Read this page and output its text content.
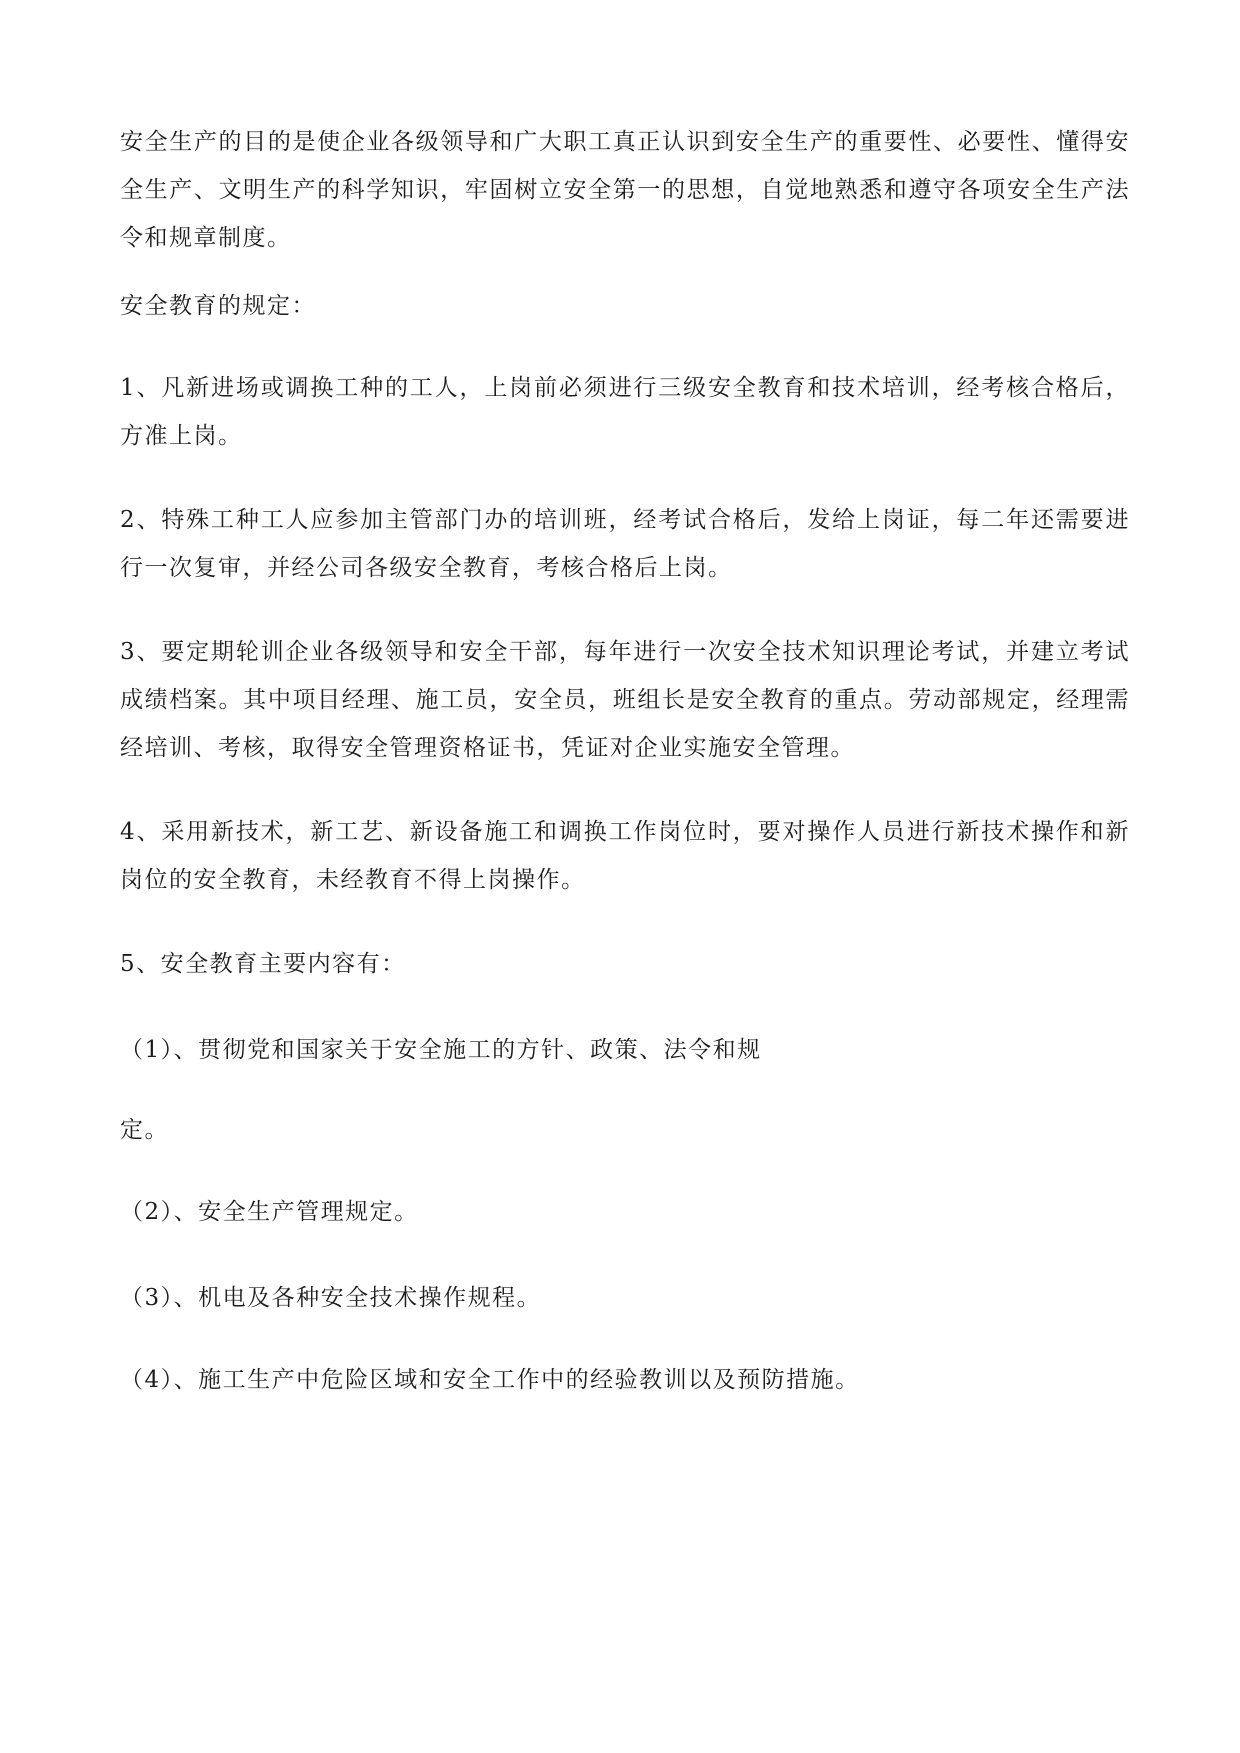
安全生产的目的是使企业各级领导和广大职工真正认识到安全生产的重要性、必要性、懂得安全生产、文明生产的科学知识，牢固树立安全第一的思想，自觉地熟悉和遵守各项安全生产法令和规章制度。

安全教育的规定：

1、凡新进场或调换工种的工人，上岗前必须进行三级安全教育和技术培训，经考核合格后，方准上岗。

2、特殊工种工人应参加主管部门办的培训班，经考试合格后，发给上岗证，每二年还需要进行一次复审，并经公司各级安全教育，考核合格后上岗。

3、要定期轮训企业各级领导和安全干部，每年进行一次安全技术知识理论考试，并建立考试成绩档案。其中项目经理、施工员，安全员，班组长是安全教育的重点。劳动部规定，经理需经培训、考核，取得安全管理资格证书，凭证对企业实施安全管理。

4、采用新技术，新工艺、新设备施工和调换工作岗位时，要对操作人员进行新技术操作和新岗位的安全教育，未经教育不得上岗操作。

5、安全教育主要内容有：

（1）、贯彻党和国家关于安全施工的方针、政策、法令和规

定。

（2）、安全生产管理规定。

（3）、机电及各种安全技术操作规程。

（4）、施工生产中危险区域和安全工作中的经验教训以及预防措施。
